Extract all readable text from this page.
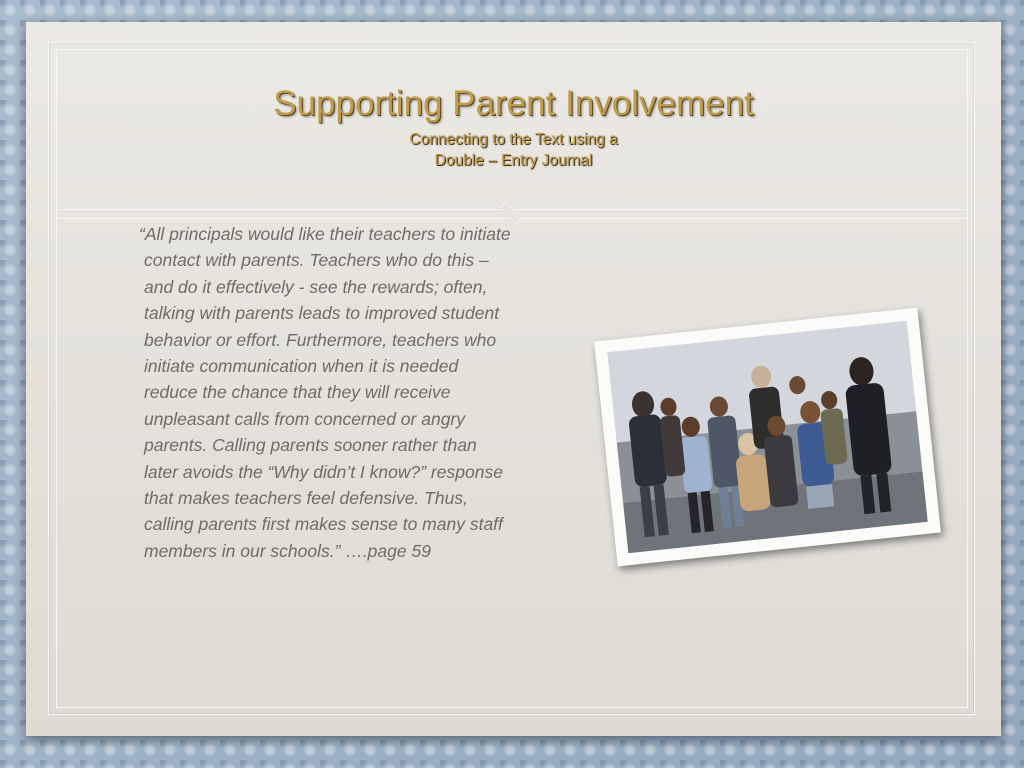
Supporting Parent Involvement
Connecting to the Text using a
Double – Entry Journal
“All principals would like their teachers to initiate contact with parents. Teachers who do this – and do it effectively - see the rewards; often, talking with parents leads to improved student behavior or effort. Furthermore, teachers who initiate communication when it is needed reduce the chance that they will receive unpleasant calls from concerned or angry parents. Calling parents sooner rather than later avoids the “Why didn’t I know?” response that makes teachers feel defensive. Thus, calling parents first makes sense to many staff members in our schools.” ….page 59
